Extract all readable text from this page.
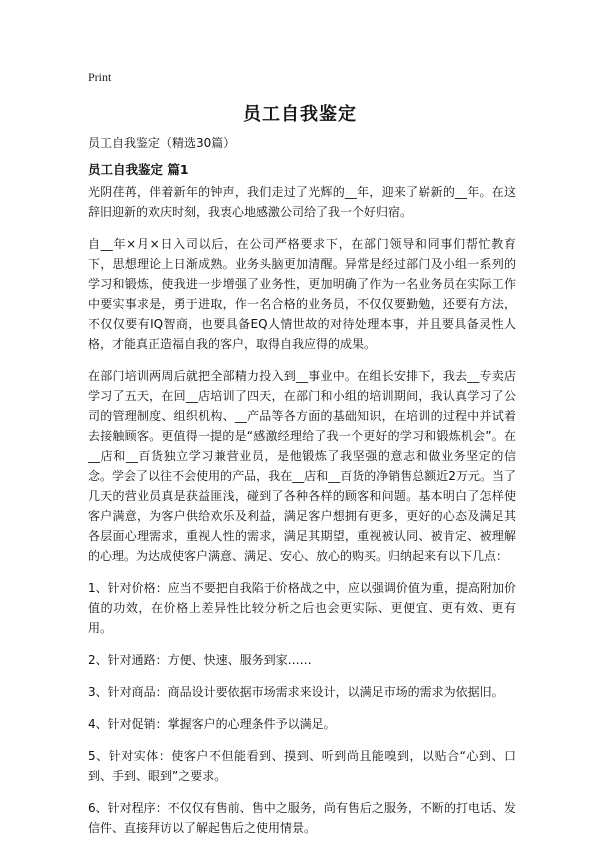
Print
员工自我鉴定
员工自我鉴定（精选30篇）
员工自我鉴定 篇1

光阴荏苒，伴着新年的钟声，我们走过了光辉的__年，迎来了崭新的__年。在这辞旧迎新的欢庆时刻，我衷心地感激公司给了我一个好归宿。

自__年×月×日入司以后，在公司严格要求下，在部门领导和同事们帮忙教育下，思想理论上日渐成熟。业务头脑更加清醒。异常是经过部门及小组一系列的学习和锻炼，使我进一步增强了业务性，更加明确了作为一名业务员在实际工作中要实事求是，勇于进取，作一名合格的业务员，不仅仅要勤勉，还要有方法，不仅仅要有IQ智商，也要具备EQ人情世故的对待处理本事，并且要具备灵性人格，才能真正造福自我的客户，取得自我应得的成果。

在部门培训两周后就把全部精力投入到__事业中。在组长安排下，我去__专卖店学习了五天，在回__店培训了四天，在部门和小组的培训期间，我认真学习了公司的管理制度、组织机构、__产品等各方面的基础知识，在培训的过程中并试着去接触顾客。更值得一提的是“感激经理给了我一个更好的学习和锻炼机会”。在__店和__百货独立学习兼营业员，是他锻炼了我坚强的意志和做业务坚定的信念。学会了以往不会使用的产品，我在__店和__百货的净销售总额近2万元。当了几天的营业员真是获益匪浅，碰到了各种各样的顾客和问题。基本明白了怎样使客户满意，为客户供给欢乐及利益，满足客户想拥有更多，更好的心态及满足其各层面心理需求，重视人性的需求，满足其期望，重视被认同、被肯定、被理解的心理。为达成使客户满意、满足、安心、放心的购买。归纳起来有以下几点：

1、针对价格：应当不要把自我陷于价格战之中，应以强调价值为重，提高附加价值的功效，在价格上差异性比较分析之后也会更实际、更便宜、更有效、更有用。

2、针对通路：方便、快速、服务到家……

3、针对商品：商品设计要依据市场需求来设计，以满足市场的需求为依据旧。

4、针对促销：掌握客户的心理条件予以满足。

5、针对实体：使客户不但能看到、摸到、听到尚且能嗅到，以贴合“心到、口到、手到、眼到”之要求。

6、针对程序：不仅仅有售前、售中之服务，尚有售后之服务，不断的打电话、发信件、直接拜访以了解起售后之使用情景。
